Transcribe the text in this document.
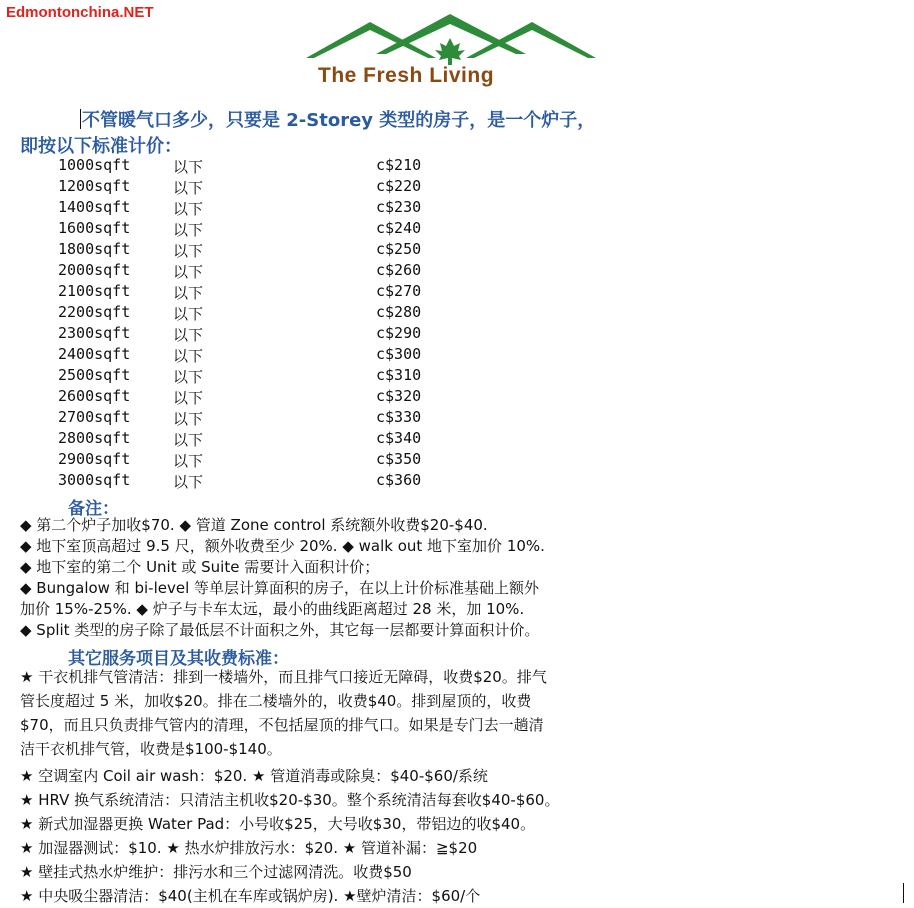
Edmontonchina.NET
The Fresh Living
不管暖气口多少，只要是 2-Storey 类型的房子，是一个炉子，
即按以下标准计价：
1000sqft	以下	c$210
1200sqft	以下	c$220
1400sqft	以下	c$230
1600sqft	以下	c$240
1800sqft	以下	c$250
2000sqft	以下	c$260
2100sqft	以下	c$270
2200sqft	以下	c$280
2300sqft	以下	c$290
2400sqft	以下	c$300
2500sqft	以下	c$310
2600sqft	以下	c$320
2700sqft	以下	c$330
2800sqft	以下	c$340
2900sqft	以下	c$350
3000sqft	以下	c$360
备注：

◆ 第二个炉子加收$70. ◆ 管道 Zone control 系统额外收费$20-$40.

◆ 地下室顶高超过 9.5 尺，额外收费至少 20%. ◆ walk out 地下室加价 10%.

◆ 地下室的第二个 Unit 或 Suite 需要计入面积计价；

◆ Bungalow 和 bi-level 等单层计算面积的房子，在以上计价标准基础上额外

加价 15%-25%. ◆ 炉子与卡车太远，最小的曲线距离超过 28 米，加 10%.

◆ Split 类型的房子除了最低层不计面积之外，其它每一层都要计算面积计价。

其它服务项目及其收费标准：

★ 干衣机排气管清洁：排到一楼墙外，而且排气口接近无障碍，收费$20。排气

管长度超过 5 米，加收$20。排在二楼墙外的，收费$40。排到屋顶的，收费

$70，而且只负责排气管内的清理，不包括屋顶的排气口。如果是专门去一趟清

洁干衣机排气管，收费是$100-$140。

★ 空调室内 Coil air wash：$20. ★ 管道消毒或除臭：$40-$60/系统

★ HRV 换气系统清洁：只清洁主机收$20-$30。整个系统清洁每套收$40-$60。

★ 新式加湿器更换 Water Pad：小号收$25，大号收$30，带铝边的收$40。

★ 加湿器测试：$10. ★ 热水炉排放污水：$20. ★ 管道补漏：≧$20

★ 壁挂式热水炉维护：排污水和三个过滤网清洗。收费$50

★ 中央吸尘器清洁：$40(主机在车库或锅炉房). ★壁炉清洁：$60/个
